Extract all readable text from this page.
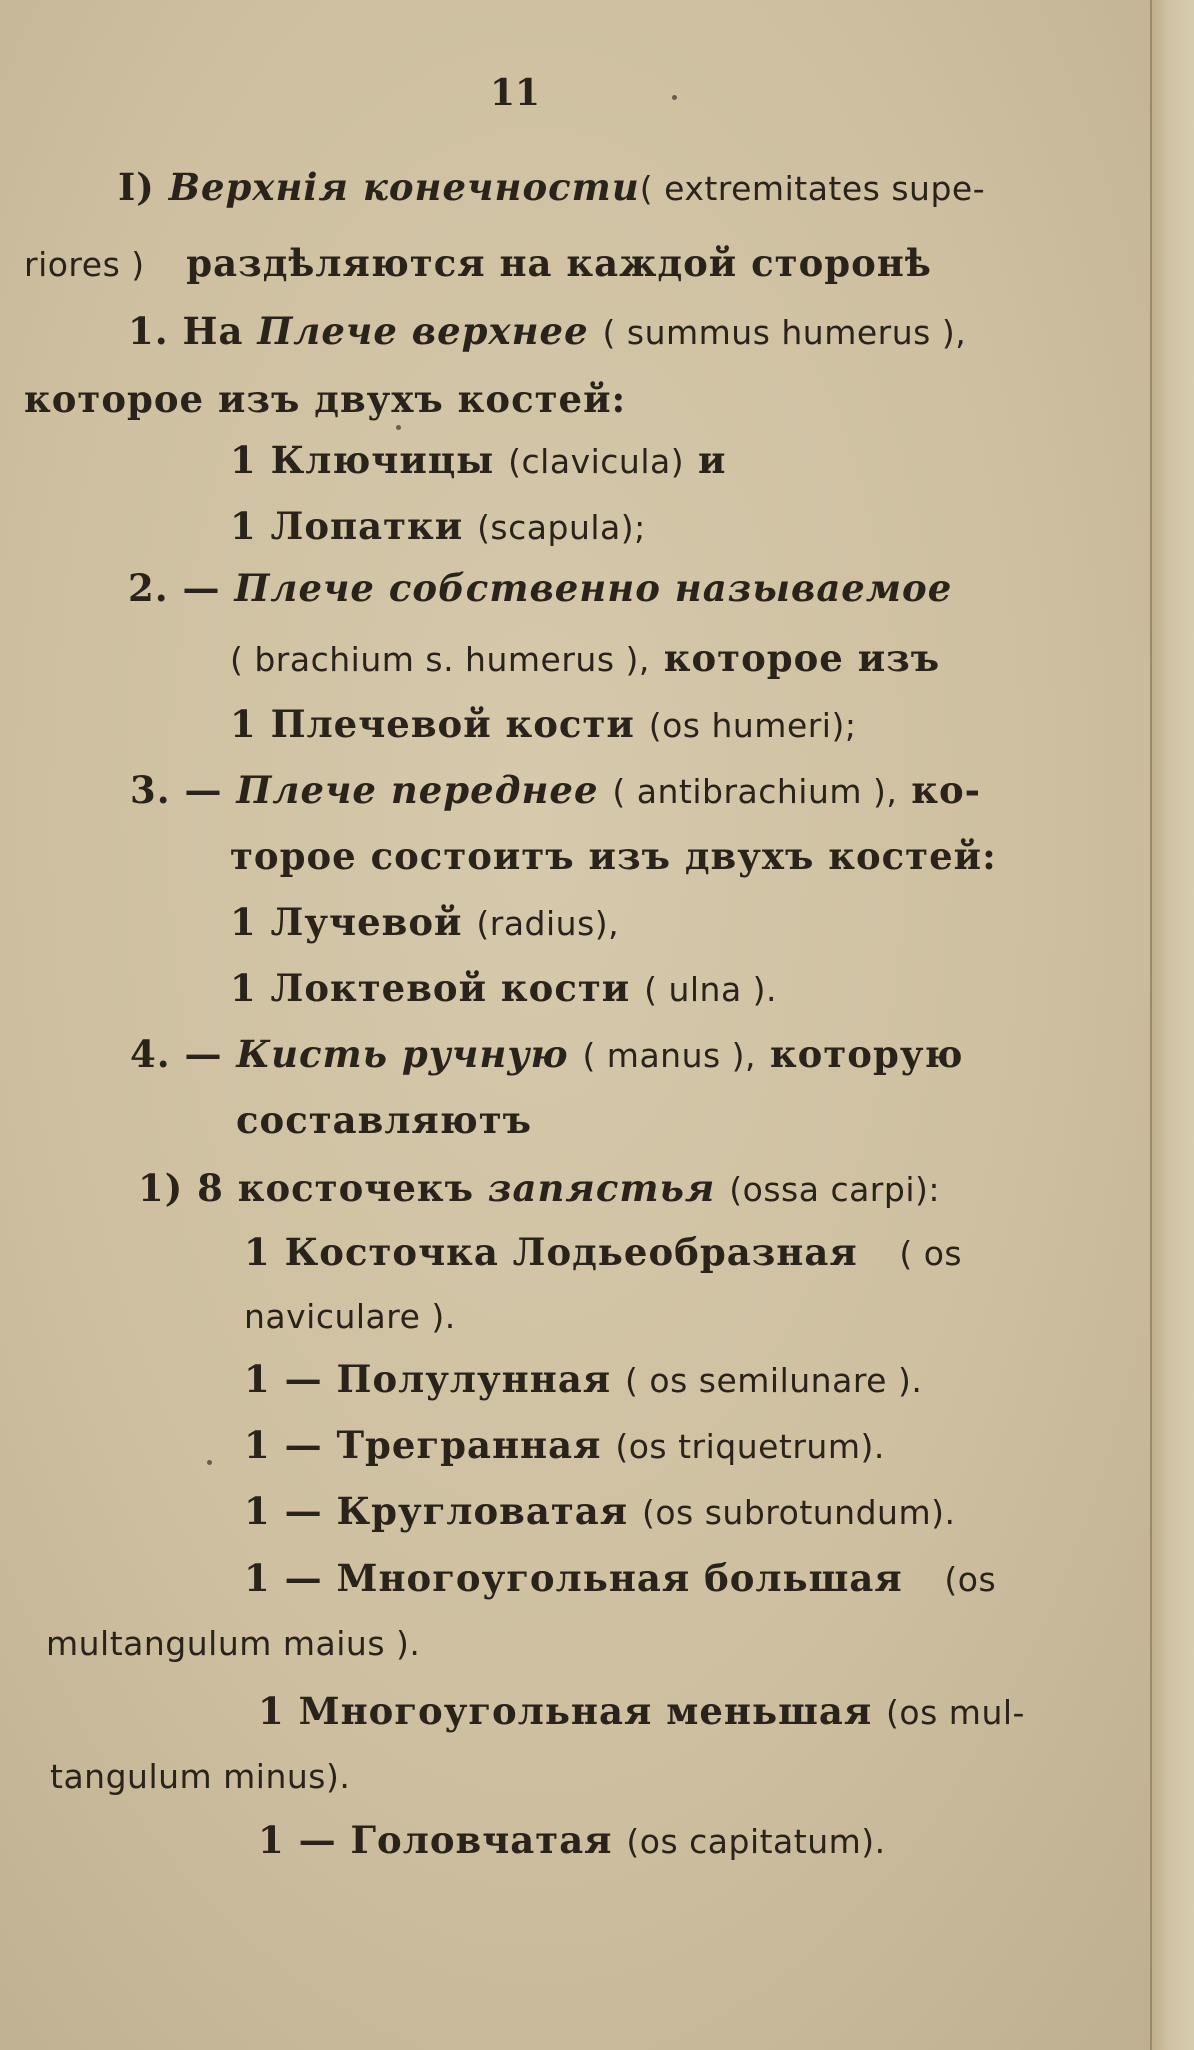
11
I) Верхнія конечности( extremitates supe-
riores ) раздѣляются на каждой сторонѣ
1. На Плече верхнее ( summus humerus ),
которое изъ двухъ костей:
1 Ключицы (clavicula) и
1 Лопатки (scapula);
2. — Плече собственно называемое
( brachium s. humerus ), которое изъ
1 Плечевой кости (os humeri);
3. — Плече переднее ( antibrachium ), ко-
торое состоитъ изъ двухъ костей:
1 Лучевой (radius),
1 Локтевой кости ( ulna ).
4. — Кисть ручную ( manus ), которую
составляютъ
1) 8 косточекъ запястья (ossa carpi):
1 Косточка Лодьеобразная ( os
naviculare ).
1 — Полулунная ( os semilunare ).
1 — Трегранная (os triquetrum).
1 — Кругловатая (os subrotundum).
1 — Многоугольная большая (os
multangulum maius ).
1 Многоугольная меньшая (os mul-
tangulum minus).
1 — Головчатая (os capitatum).
